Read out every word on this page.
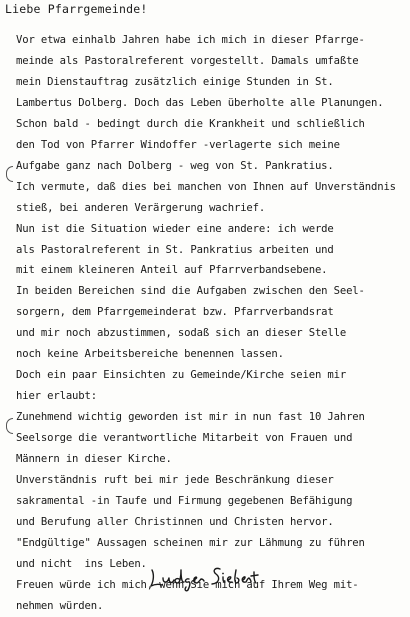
Liebe Pfarrgemeinde!
Vor etwa einhalb Jahren habe ich mich in dieser Pfarrge-
meinde als Pastoralreferent vorgestellt. Damals umfaßte
mein Dienstauftrag zusätzlich einige Stunden in St.
Lambertus Dolberg. Doch das Leben überholte alle Planungen.
Schon bald - bedingt durch die Krankheit und schließlich
den Tod von Pfarrer Windoffer -verlagerte sich meine
Aufgabe ganz nach Dolberg - weg von St. Pankratius.
Ich vermute, daß dies bei manchen von Ihnen auf Unverständnis
stieß, bei anderen Verärgerung wachrief.
Nun ist die Situation wieder eine andere: ich werde
als Pastoralreferent in St. Pankratius arbeiten und
mit einem kleineren Anteil auf Pfarrverbandsebene.
In beiden Bereichen sind die Aufgaben zwischen den Seel-
sorgern, dem Pfarrgemeinderat bzw. Pfarrverbandsrat
und mir noch abzustimmen, sodaß sich an dieser Stelle
noch keine Arbeitsbereiche benennen lassen.
Doch ein paar Einsichten zu Gemeinde/Kirche seien mir
hier erlaubt:
Zunehmend wichtig geworden ist mir in nun fast 10 Jahren
Seelsorge die verantwortliche Mitarbeit von Frauen und
Männern in dieser Kirche.
Unverständnis ruft bei mir jede Beschränkung dieser
sakramental -in Taufe und Firmung gegebenen Befähigung
und Berufung aller Christinnen und Christen hervor.
"Endgültige" Aussagen scheinen mir zur Lähmung zu führen
und nicht  ins Leben.
Freuen würde ich mich, wenn Sie mich auf Ihrem Weg mit-
nehmen würden.
